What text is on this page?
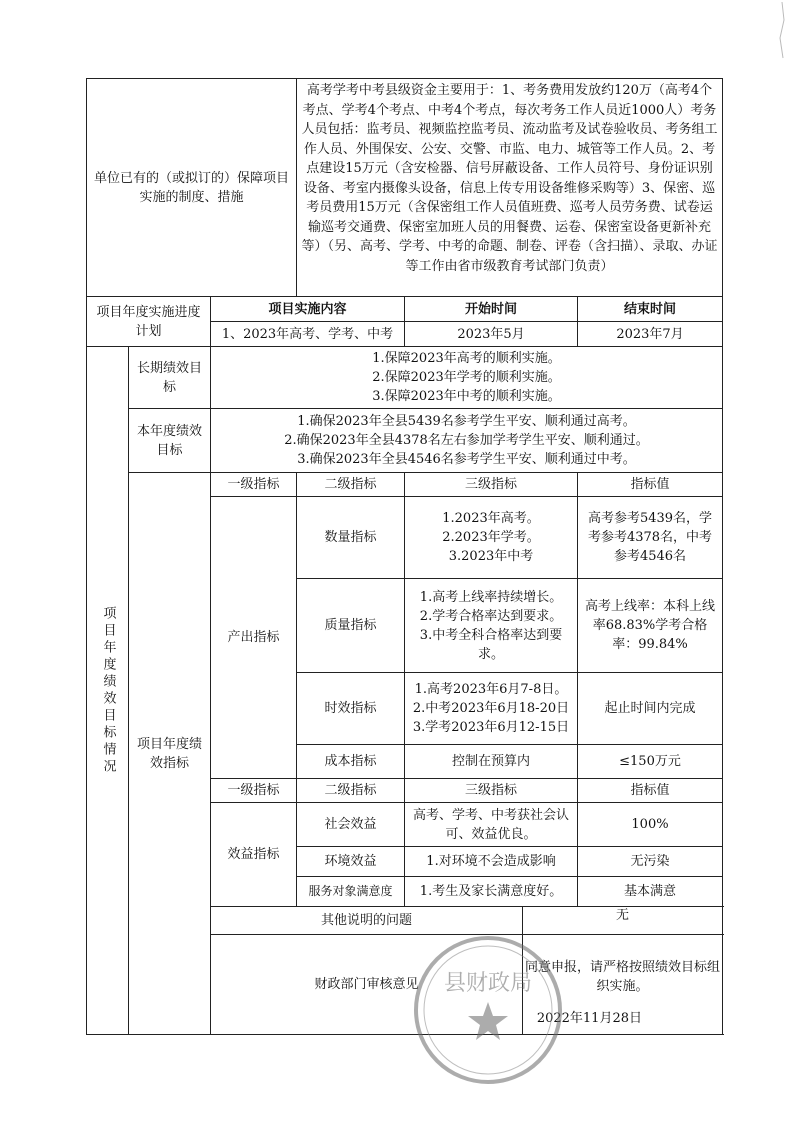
单位已有的（或拟订的）保障项目实施的制度、措施			高考学考中考县级资金主要用于：1、考务费用发放约120万（高考4个考点、学考4个考点、中考4个考点，每次考务工作人员近1000人）考务人员包括：监考员、视频监控监考员、流动监考及试卷验收员、考务组工作人员、外围保安、公安、交警、市监、电力、城管等工作人员。2、考点建设15万元（含安检器、信号屏蔽设备、工作人员符号、身份证识别设备、考室内摄像头设备，信息上传专用设备维修采购等）3、保密、巡考员费用15万元（含保密组工作人员值班费、巡考人员劳务费、试卷运输巡考交通费、保密室加班人员的用餐费、运卷、保密室设备更新补充等）（另、高考、学考、中考的命题、制卷、评卷（含扫描）、录取、办证等工作由省市级教育考试部门负责）			
项目年度实施进度计划		项目实施内容		开始时间		结束时间
		1、2023年高考、学考、中考		2023年5月		2023年7月

项目年度绩效目标情况	长期绩效目标	1.保障2023年高考的顺利实施。
2.保障2023年学考的顺利实施。
3.保障2023年中考的顺利实施。				

	本年度绩效目标	1.确保2023年全县5439名参考学生平安、顺利通过高考。
2.确保2023年全县4378名左右参加学考学生平安、顺利通过。
3.确保2023年全县4546名参考学生平安、顺利通过中考。				

	项目年度绩效指标	一级指标	二级指标	三级指标		指标值
		产出指标	数量指标	1.2023年高考。
2.2023年学考。
3.2023年中考		高考参考5439名，学考参考4378名，中考参考4546名
			质量指标	1.高考上线率持续增长。
2.学考合格率达到要求。
3.中考全科合格率达到要求。		高考上线率：本科上线率68.83%学考合格率：99.84%
			时效指标	1.高考2023年6月7-8日。
2.中考2023年6月18-20日
3.学考2023年6月12-15日		起止时间内完成
			成本指标	控制在预算内		≤150万元
		一级指标	二级指标	三级指标		指标值
		效益指标	社会效益	高考、学考、中考获社会认可、效益优良。		100%
			环境效益	1.对环境不会造成影响		无污染
			服务对象满意度	1.考生及家长满意度好。		基本满意
		其他说明的问题			无	
		财政部门审核意见			同意申报，请严格按照绩效目标组织实施。
2022年11月28日	
县财政局
